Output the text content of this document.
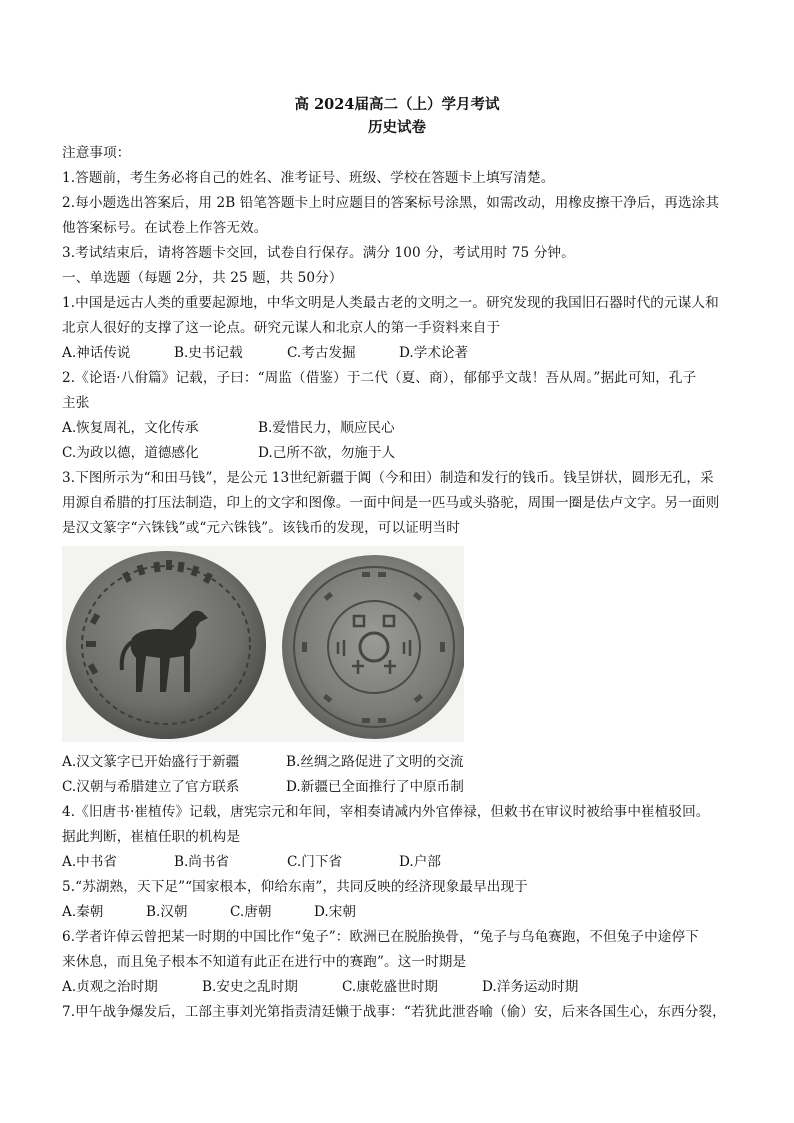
高 2024届高二（上）学月考试
历史试卷
注意事项：
1.答题前，考生务必将自己的姓名、准考证号、班级、学校在答题卡上填写清楚。
2.每小题选出答案后，用 2B 铅笔答题卡上时应题目的答案标号涂黑，如需改动，用橡皮擦干净后，再选涂其
他答案标号。在试卷上作答无效。
3.考试结束后，请将答题卡交回，试卷自行保存。满分 100 分，考试用时 75 分钟。
一、单选题（每题 2分，共 25 题，共 50分）
1.中国是远古人类的重要起源地，中华文明是人类最古老的文明之一。研究发现的我国旧石器时代的元谋人和
北京人很好的支撑了这一论点。研究元谋人和北京人的第一手资料来自于
A.神话传说	B.史书记载	C.考古发掘	D.学术论著
2.《论语·八佾篇》记载，子曰：“周监（借鉴）于二代（夏、商），郁郁乎文哉！吾从周。”据此可知，孔子
主张
A.恢复周礼，文化传承	B.爱惜民力，顺应民心
C.为政以德，道德感化	D.己所不欲，勿施于人
3.下图所示为“和田马钱”，是公元 13世纪新疆于阗（今和田）制造和发行的钱币。钱呈饼状，圆形无孔，采
用源自希腊的打压法制造，印上的文字和图像。一面中间是一匹马或头骆驼，周围一圈是佉卢文字。另一面则
是汉文篆字“六铢钱”或“元六铢钱”。该钱币的发现，可以证明当时
A.汉文篆字已开始盛行于新疆	B.丝绸之路促进了文明的交流
C.汉朝与希腊建立了官方联系	D.新疆已全面推行了中原币制
4.《旧唐书·崔植传》记载，唐宪宗元和年间，宰相奏请减内外官俸禄，但敕书在审议时被给事中崔植驳回。
据此判断，崔植任职的机构是
A.中书省	B.尚书省	C.门下省	D.户部
5.“苏湖熟，天下足”“国家根本，仰给东南”，共同反映的经济现象最早出现于
A.秦朝	B.汉朝	C.唐朝	D.宋朝
6.学者许倬云曾把某一时期的中国比作“兔子”：欧洲已在脱胎换骨，“兔子与乌龟赛跑，不但兔子中途停下
来休息，而且兔子根本不知道有此正在进行中的赛跑”。这一时期是
A.贞观之治时期	B.安史之乱时期	C.康乾盛世时期	D.洋务运动时期
7.甲午战争爆发后，工部主事刘光第指责清廷懒于战事：“若犹此泄沓喻（偷）安，后来各国生心，东西分裂，
